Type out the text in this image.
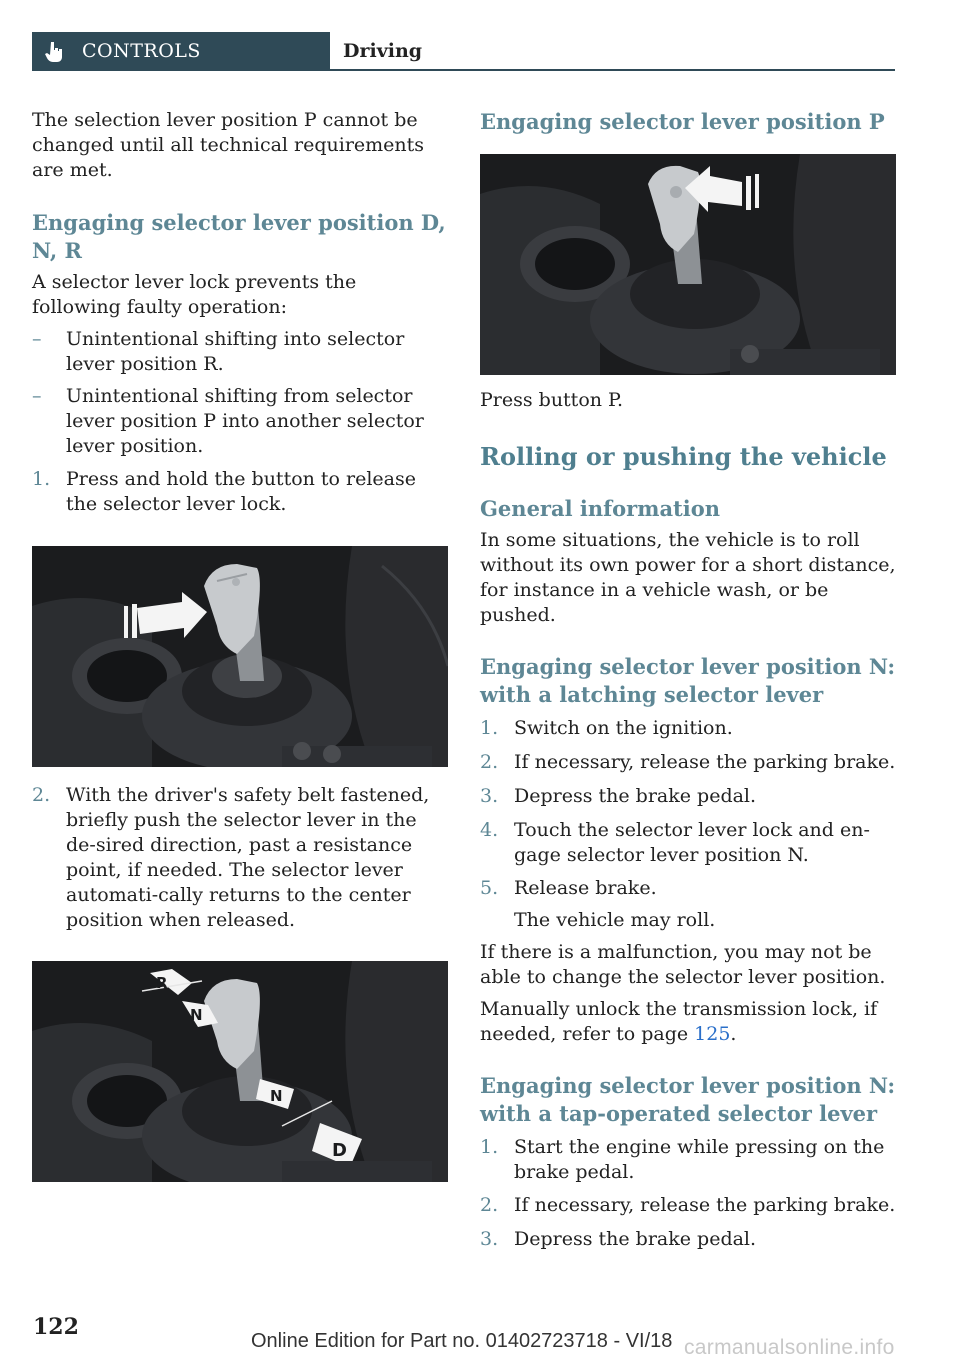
CONTROLS	Driving

The selection lever position P cannot be changed until all technical requirements are met.

Engaging selector lever position D, N, R

A selector lever lock prevents the following faulty operation:

– Unintentional shifting into selector lever position R.
– Unintentional shifting from selector lever position P into another selector lever position.
1. Press and hold the button to release the selector lever lock.
2. With the driver's safety belt fastened, briefly push the selector lever in the de‐sired direction, past a resistance point, if needed. The selector lever automati‐cally returns to the center position when released.
R
N
N
D
Engaging selector lever position P

Press button P.

Rolling or pushing the vehicle
General information

In some situations, the vehicle is to roll without its own power for a short distance, for instance in a vehicle wash, or be pushed.

Engaging selector lever position N: with a latching selector lever
1. Switch on the ignition.
2. If necessary, release the parking brake.
3. Depress the brake pedal.
4. Touch the selector lever lock and en‐gage selector lever position N.
5. Release brake.
The vehicle may roll.

If there is a malfunction, you may not be able to change the selector lever position.

Manually unlock the transmission lock, if needed, refer to page 125.

Engaging selector lever position N: with a tap-operated selector lever
1. Start the engine while pressing on the brake pedal.
2. If necessary, release the parking brake.
3. Depress the brake pedal.
122
Online Edition for Part no. 01402723718 - VI/18 carmanualsonline.info
